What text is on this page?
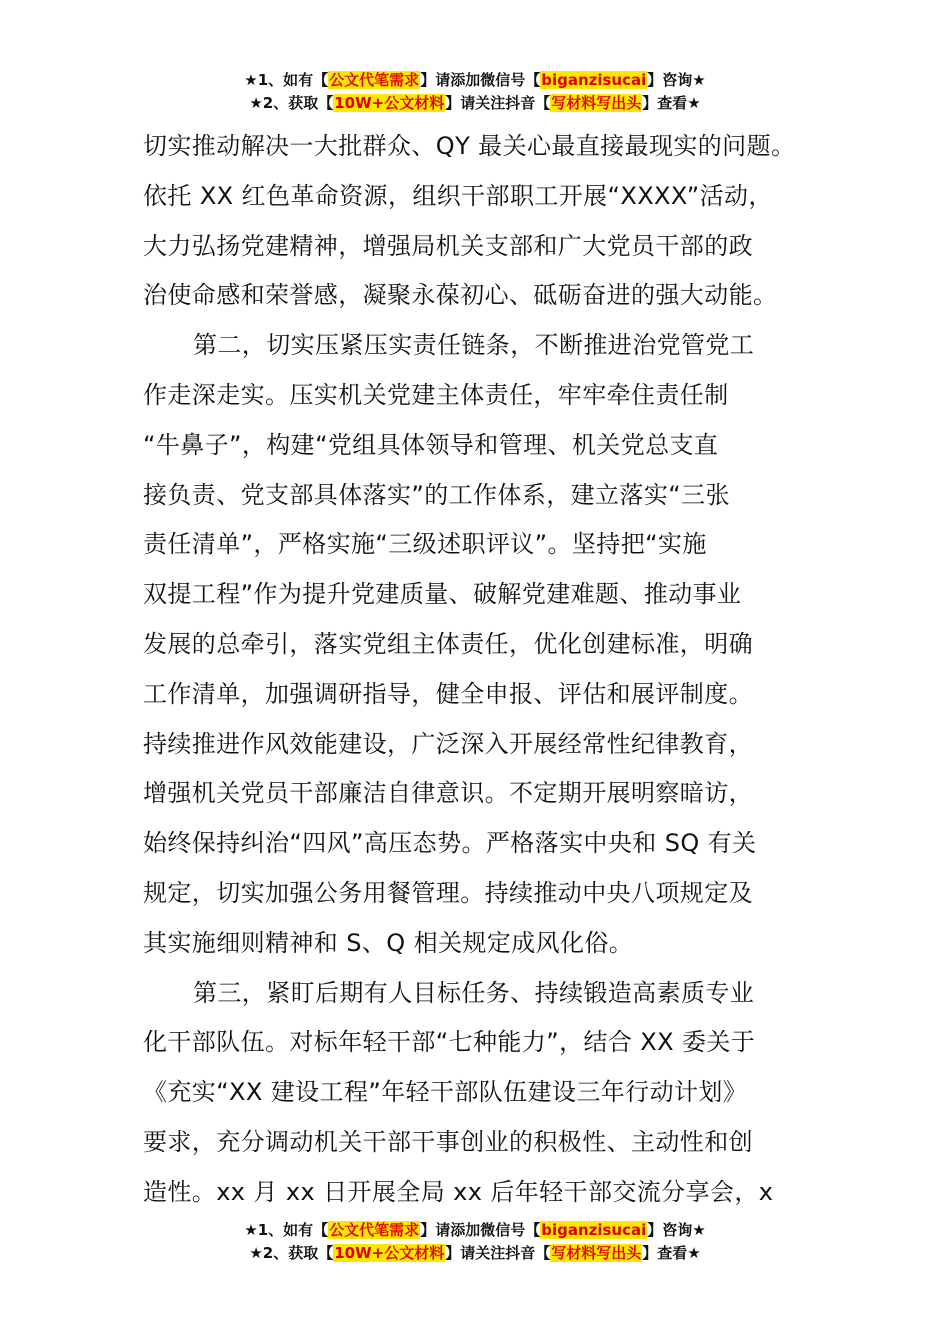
★1、如有【公文代笔需求】请添加微信号【biganzisucai】咨询★
★2、获取【10W+公文材料】请关注抖音【写材料写出头】查看★
切实推动解决一大批群众、QY 最关心最直接最现实的问题。
依托 XX 红色革命资源，组织干部职工开展“XXXX”活动，
大力弘扬党建精神，增强局机关支部和广大党员干部的政
治使命感和荣誉感，凝聚永葆初心、砥砺奋进的强大动能。
第二，切实压紧压实责任链条，不断推进治党管党工
作走深走实。压实机关党建主体责任，牢牢牵住责任制
“牛鼻子”，构建“党组具体领导和管理、机关党总支直
接负责、党支部具体落实”的工作体系，建立落实“三张
责任清单”，严格实施“三级述职评议”。坚持把“实施
双提工程”作为提升党建质量、破解党建难题、推动事业
发展的总牵引，落实党组主体责任，优化创建标准，明确
工作清单，加强调研指导，健全申报、评估和展评制度。
持续推进作风效能建设，广泛深入开展经常性纪律教育，
增强机关党员干部廉洁自律意识。不定期开展明察暗访，
始终保持纠治“四风”高压态势。严格落实中央和 SQ 有关
规定，切实加强公务用餐管理。持续推动中央八项规定及
其实施细则精神和 S、Q 相关规定成风化俗。
第三，紧盯后期有人目标任务、持续锻造高素质专业
化干部队伍。对标年轻干部“七种能力”，结合 XX 委关于
《充实“XX 建设工程”年轻干部队伍建设三年行动计划》
要求，充分调动机关干部干事创业的积极性、主动性和创
造性。xx 月 xx 日开展全局 xx 后年轻干部交流分享会，x
★1、如有【公文代笔需求】请添加微信号【biganzisucai】咨询★
★2、获取【10W+公文材料】请关注抖音【写材料写出头】查看★
